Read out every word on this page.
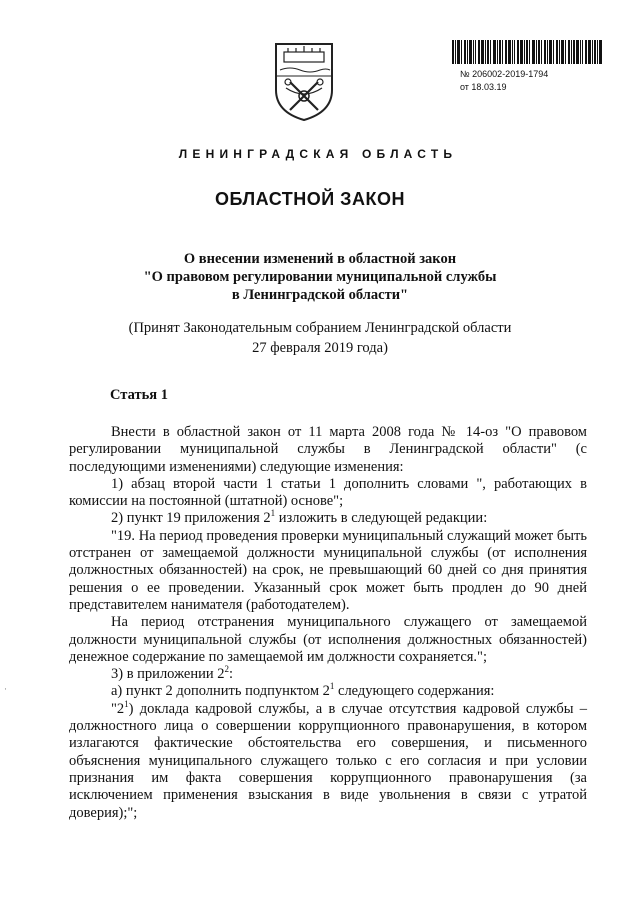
№ 206002-2019-1794
от 18.03.19
ЛЕНИНГРАДСКАЯ ОБЛАСТЬ
ОБЛАСТНОЙ ЗАКОН
О внесении изменений в областной закон
"О правовом регулировании муниципальной службы
в Ленинградской области"
(Принят Законодательным собранием Ленинградской области
27 февраля 2019 года)
Статья 1

Внести в областной закон от 11 марта 2008 года № 14-оз "О правовом регулировании муниципальной службы в Ленинградской области" (с последующими изменениями) следующие изменения:

1) абзац второй части 1 статьи 1 дополнить словами ", работающих в комиссии на постоянной (штатной) основе";

2) пункт 19 приложения $2^1$ изложить в следующей редакции:

"19. На период проведения проверки муниципальный служащий может быть отстранен от замещаемой должности муниципальной службы (от исполнения должностных обязанностей) на срок, не превышающий 60 дней со дня принятия решения о ее проведении. Указанный срок может быть продлен до 90 дней представителем нанимателя (работодателем).

На период отстранения муниципального служащего от замещаемой должности муниципальной службы (от исполнения должностных обязанностей) денежное содержание по замещаемой им должности сохраняется.";

3) в приложении $2^2$:

а) пункт 2 дополнить подпунктом $2^1$ следующего содержания:

"$2^1$) доклада кадровой службы, а в случае отсутствия кадровой службы – должностного лица о совершении коррупционного правонарушения, в котором излагаются фактические обстоятельства его совершения, и письменного объяснения муниципального служащего только с его согласия и при условии признания им факта совершения коррупционного правонарушения (за исключением применения взыскания в виде увольнения в связи с утратой доверия);";

·
